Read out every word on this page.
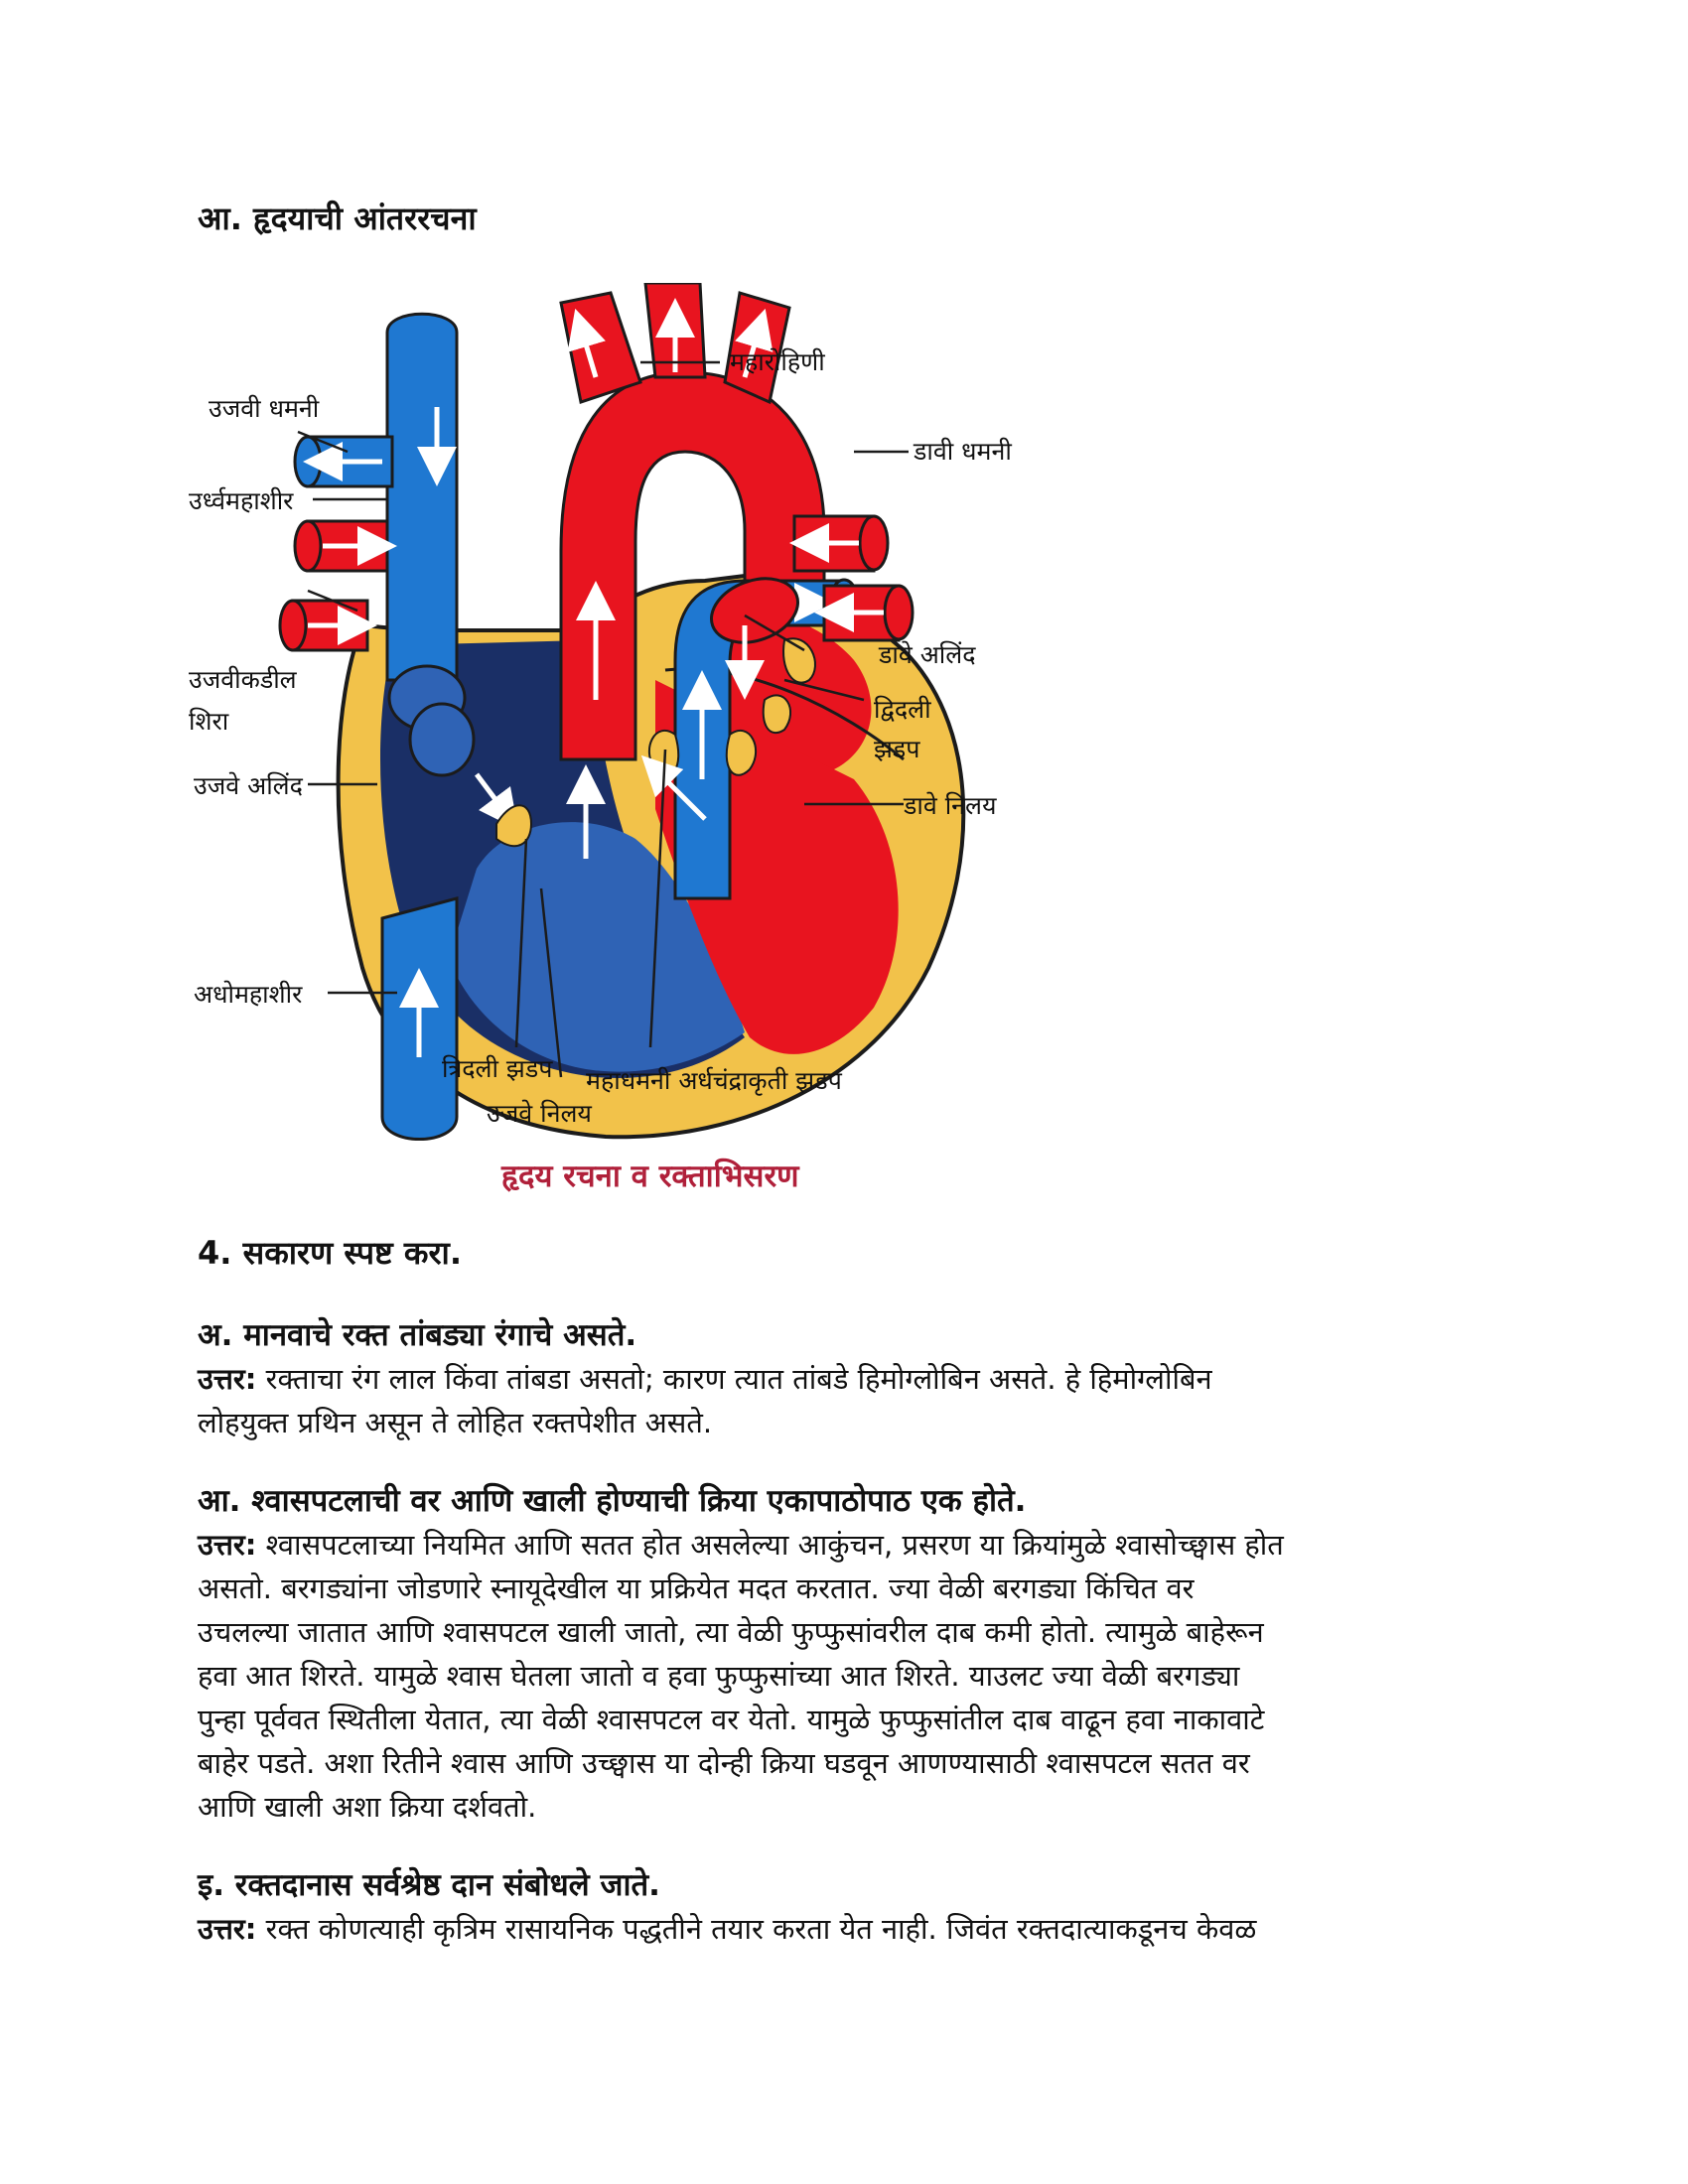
आ. हृदयाची आंतररचना
महारोहिणी
उजवी धमनी
डावी धमनी
उर्ध्वमहाशीर
उजवीकडील
शिरा
डावे अलिंद
द्विदली
झडप
डावे निलय
उजवे अलिंद
अधोमहाशीर
त्रिदली झडप महाधमनी अर्धचंद्राकृती झडप
उजवे निलय
हृदय रचना व रक्ताभिसरण
4. सकारण स्पष्ट करा.

अ. मानवाचे रक्त तांबड्या रंगाचे असते.

उत्तर: रक्ताचा रंग लाल किंवा तांबडा असतो; कारण त्यात तांबडे हिमोग्लोबिन असते. हे हिमोग्लोबिन
लोहयुक्त प्रथिन असून ते लोहित रक्तपेशीत असते.

आ. श्वासपटलाची वर आणि खाली होण्याची क्रिया एकापाठोपाठ एक होते.

उत्तर: श्वासपटलाच्या नियमित आणि सतत होत असलेल्या आकुंचन, प्रसरण या क्रियांमुळे श्वासोच्छ्वास होत
असतो. बरगड्यांना जोडणारे स्नायूदेखील या प्रक्रियेत मदत करतात. ज्या वेळी बरगड्या किंचित वर
उचलल्या जातात आणि श्वासपटल खाली जातो, त्या वेळी फुप्फुसांवरील दाब कमी होतो. त्यामुळे बाहेरून
हवा आत शिरते. यामुळे श्वास घेतला जातो व हवा फुप्फुसांच्या आत शिरते. याउलट ज्या वेळी बरगड्या
पुन्हा पूर्ववत स्थितीला येतात, त्या वेळी श्वासपटल वर येतो. यामुळे फुप्फुसांतील दाब वाढून हवा नाकावाटे
बाहेर पडते. अशा रितीने श्वास आणि उच्छ्वास या दोन्ही क्रिया घडवून आणण्यासाठी श्वासपटल सतत वर
आणि खाली अशा क्रिया दर्शवतो.

इ. रक्तदानास सर्वश्रेष्ठ दान संबोधले जाते.

उत्तर: रक्त कोणत्याही कृत्रिम रासायनिक पद्धतीने तयार करता येत नाही. जिवंत रक्तदात्याकडूनच केवळ
